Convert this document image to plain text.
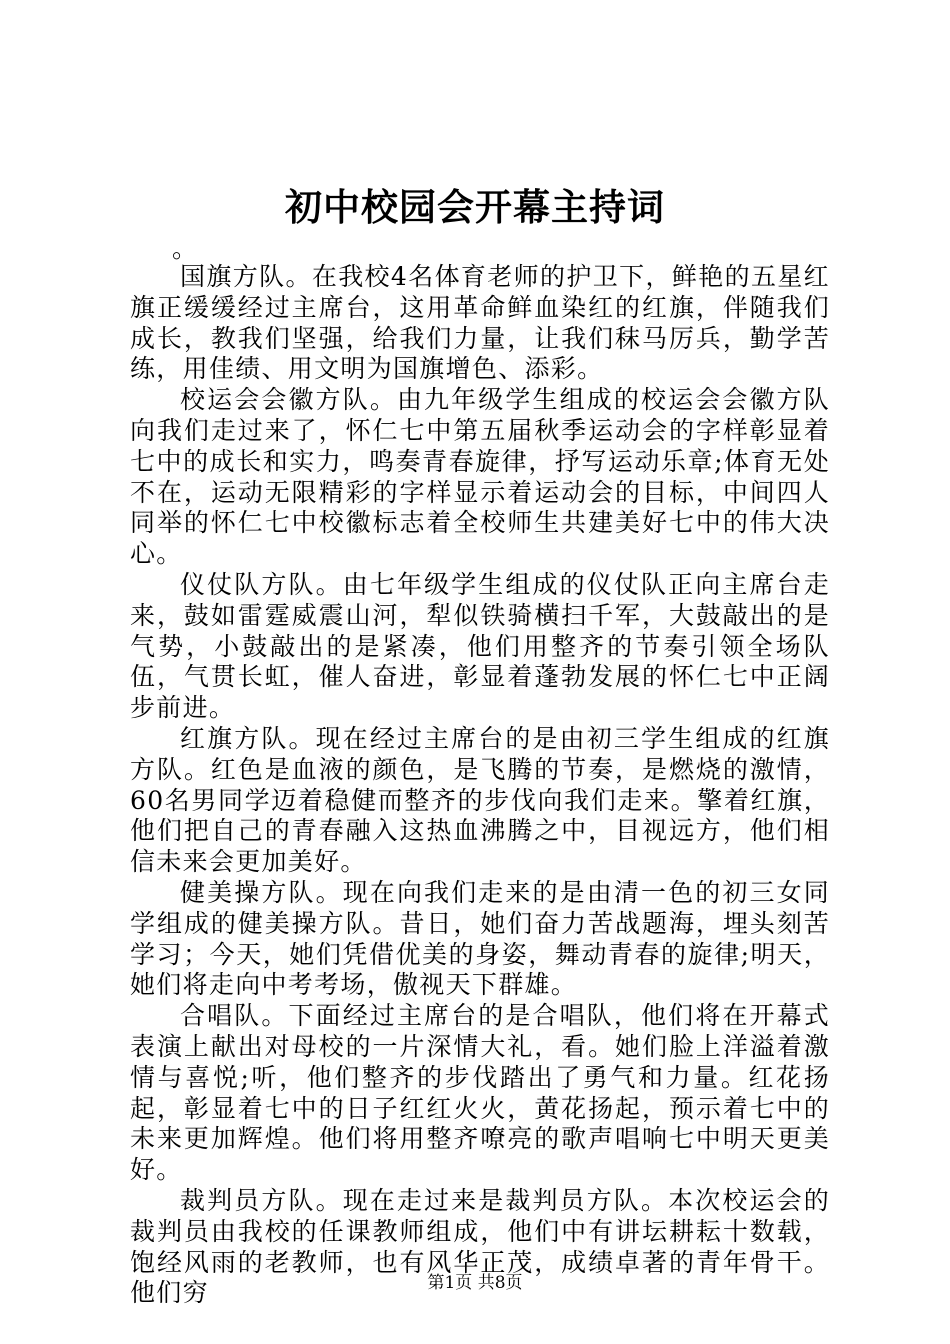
初中校园会开幕主持词

。

国旗方队。在我校4名体育老师的护卫下，鲜艳的五星红旗正缓缓经过主席台，这用革命鲜血染红的红旗，伴随我们成长，教我们坚强，给我们力量，让我们秣马厉兵，勤学苦练，用佳绩、用文明为国旗增色、添彩。

校运会会徽方队。由九年级学生组成的校运会会徽方队向我们走过来了，怀仁七中第五届秋季运动会的字样彰显着七中的成长和实力，鸣奏青春旋律，抒写运动乐章;体育无处不在，运动无限精彩的字样显示着运动会的目标，中间四人同举的怀仁七中校徽标志着全校师生共建美好七中的伟大决心。

仪仗队方队。由七年级学生组成的仪仗队正向主席台走来，鼓如雷霆威震山河，犁似铁骑横扫千军，大鼓敲出的是气势，小鼓敲出的是紧凑，他们用整齐的节奏引领全场队伍，气贯长虹，催人奋进，彰显着蓬勃发展的怀仁七中正阔步前进。

红旗方队。现在经过主席台的是由初三学生组成的红旗方队。红色是血液的颜色，是飞腾的节奏，是燃烧的激情，60名男同学迈着稳健而整齐的步伐向我们走来。擎着红旗，他们把自己的青春融入这热血沸腾之中，目视远方，他们相信未来会更加美好。

健美操方队。现在向我们走来的是由清一色的初三女同学组成的健美操方队。昔日，她们奋力苦战题海，埋头刻苦学习；今天，她们凭借优美的身姿，舞动青春的旋律;明天，她们将走向中考考场，傲视天下群雄。

合唱队。下面经过主席台的是合唱队，他们将在开幕式表演上献出对母校的一片深情大礼，看。她们脸上洋溢着激情与喜悦;听，他们整齐的步伐踏出了勇气和力量。红花扬起，彰显着七中的日子红红火火，黄花扬起，预示着七中的未来更加辉煌。他们将用整齐嘹亮的歌声唱响七中明天更美好。

裁判员方队。现在走过来是裁判员方队。本次校运会的裁判员由我校的任课教师组成，他们中有讲坛耕耘十数载，饱经风雨的老教师，也有风华正茂，成绩卓著的青年骨干。他们穷	第1页 共8页
